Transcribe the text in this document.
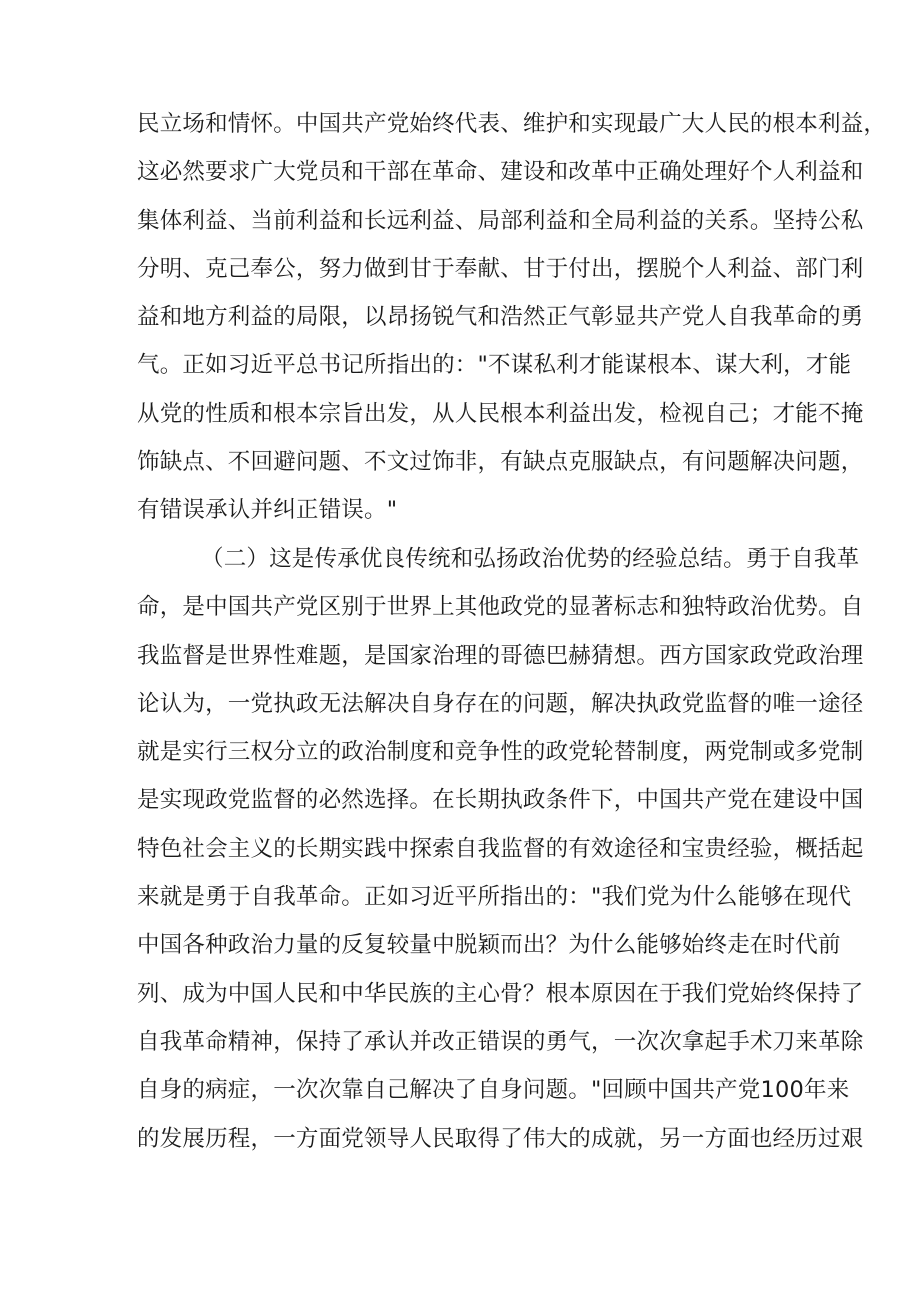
民立场和情怀。中国共产党始终代表、维护和实现最广大人民的根本利益，
这必然要求广大党员和干部在革命、建设和改革中正确处理好个人利益和
集体利益、当前利益和长远利益、局部利益和全局利益的关系。坚持公私
分明、克己奉公，努力做到甘于奉献、甘于付出，摆脱个人利益、部门利
益和地方利益的局限，以昂扬锐气和浩然正气彰显共产党人自我革命的勇
气。正如习近平总书记所指出的："不谋私利才能谋根本、谋大利，才能
从党的性质和根本宗旨出发，从人民根本利益出发，检视自己；才能不掩
饰缺点、不回避问题、不文过饰非，有缺点克服缺点，有问题解决问题，
有错误承认并纠正错误。"
（二）这是传承优良传统和弘扬政治优势的经验总结。勇于自我革
命，是中国共产党区别于世界上其他政党的显著标志和独特政治优势。自
我监督是世界性难题，是国家治理的哥德巴赫猜想。西方国家政党政治理
论认为，一党执政无法解决自身存在的问题，解决执政党监督的唯一途径
就是实行三权分立的政治制度和竞争性的政党轮替制度，两党制或多党制
是实现政党监督的必然选择。在长期执政条件下，中国共产党在建设中国
特色社会主义的长期实践中探索自我监督的有效途径和宝贵经验，概括起
来就是勇于自我革命。正如习近平所指出的："我们党为什么能够在现代
中国各种政治力量的反复较量中脱颖而出？为什么能够始终走在时代前
列、成为中国人民和中华民族的主心骨？根本原因在于我们党始终保持了
自我革命精神，保持了承认并改正错误的勇气，一次次拿起手术刀来革除
自身的病症，一次次靠自己解决了自身问题。"回顾中国共产党100年来
的发展历程，一方面党领导人民取得了伟大的成就，另一方面也经历过艰
